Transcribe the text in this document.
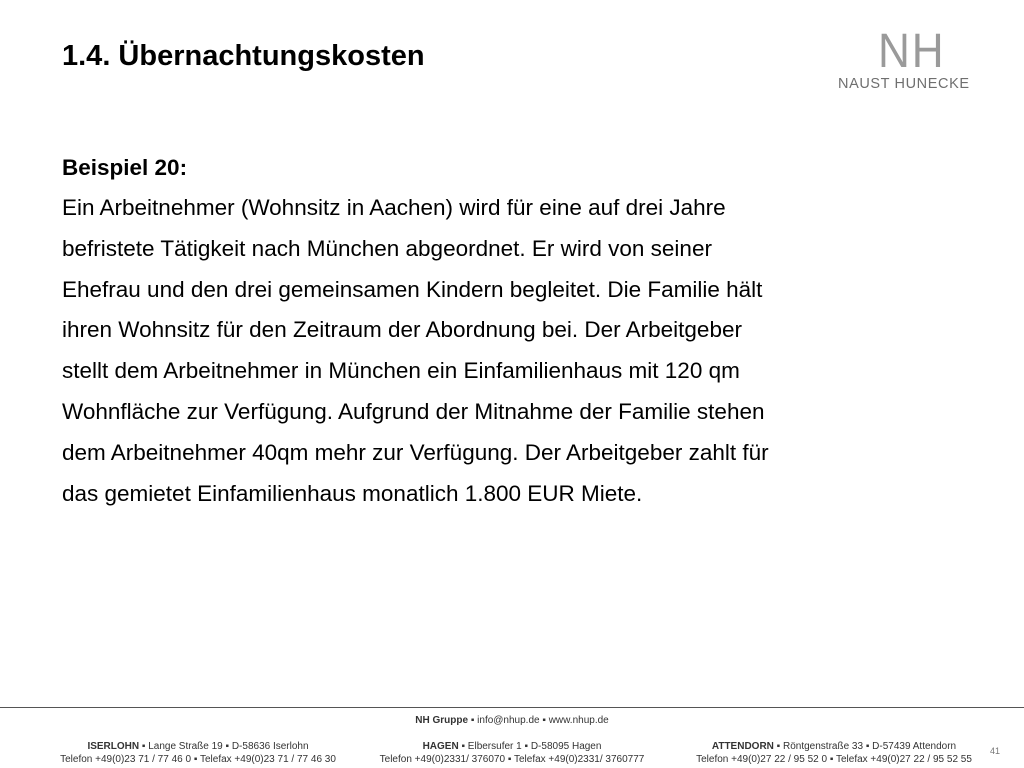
1.4. Übernachtungskosten	NH
NAUST HUNECKE
Beispiel 20:
Ein Arbeitnehmer (Wohnsitz in Aachen) wird für eine auf drei Jahre
befristete Tätigkeit nach München abgeordnet. Er wird von seiner
Ehefrau und den drei gemeinsamen Kindern begleitet. Die Familie hält
ihren Wohnsitz für den Zeitraum der Abordnung bei. Der Arbeitgeber
stellt dem Arbeitnehmer in München ein Einfamilienhaus mit 120 qm
Wohnfläche zur Verfügung. Aufgrund der Mitnahme der Familie stehen
dem Arbeitnehmer 40qm mehr zur Verfügung. Der Arbeitgeber zahlt für
das gemietet Einfamilienhaus monatlich 1.800 EUR Miete.
NH Gruppe ▪ info@nhup.de ▪ www.nhup.de
ISERLOHN ▪ Lange Straße 19 ▪ D-58636 Iserlohn
Telefon +49(0)23 71 / 77 46 0 ▪ Telefax +49(0)23 71 / 77 46 30
HAGEN ▪ Elbersufer 1 ▪ D-58095 Hagen
Telefon +49(0)2331/ 376070 ▪ Telefax +49(0)2331/ 3760777
ATTENDORN ▪ Röntgenstraße 33 ▪ D-57439 Attendorn
Telefon +49(0)27 22 / 95 52 0 ▪ Telefax +49(0)27 22 / 95 52 55
41
